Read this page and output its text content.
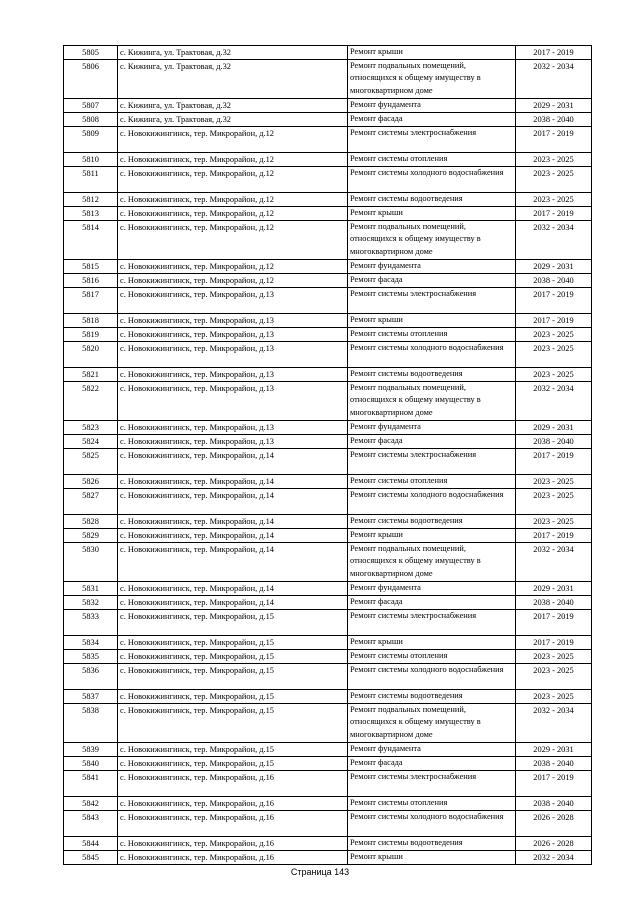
5805	с. Кижинга, ул. Трактовая, д.32	Ремонт крыши	2017 - 2019
5806	с. Кижинга, ул. Трактовая, д.32	Ремонт подвальных помещений, относящихся к общему имуществу в многоквартирном доме	2032 - 2034
5807	с. Кижинга, ул. Трактовая, д.32	Ремонт фундамента	2029 - 2031
5808	с. Кижинга, ул. Трактовая, д.32	Ремонт фасада	2038 - 2040
5809	с. Новокижингинск, тер. Микрорайон, д.12	Ремонт системы электроснабжения	2017 - 2019
5810	с. Новокижингинск, тер. Микрорайон, д.12	Ремонт системы отопления	2023 - 2025
5811	с. Новокижингинск, тер. Микрорайон, д.12	Ремонт системы холодного водоснабжения	2023 - 2025
5812	с. Новокижингинск, тер. Микрорайон, д.12	Ремонт системы водоотведения	2023 - 2025
5813	с. Новокижингинск, тер. Микрорайон, д.12	Ремонт крыши	2017 - 2019
5814	с. Новокижингинск, тер. Микрорайон, д.12	Ремонт подвальных помещений, относящихся к общему имуществу в многоквартирном доме	2032 - 2034
5815	с. Новокижингинск, тер. Микрорайон, д.12	Ремонт фундамента	2029 - 2031
5816	с. Новокижингинск, тер. Микрорайон, д.12	Ремонт фасада	2038 - 2040
5817	с. Новокижингинск, тер. Микрорайон, д.13	Ремонт системы электроснабжения	2017 - 2019
5818	с. Новокижингинск, тер. Микрорайон, д.13	Ремонт крыши	2017 - 2019
5819	с. Новокижингинск, тер. Микрорайон, д.13	Ремонт системы отопления	2023 - 2025
5820	с. Новокижингинск, тер. Микрорайон, д.13	Ремонт системы холодного водоснабжения	2023 - 2025
5821	с. Новокижингинск, тер. Микрорайон, д.13	Ремонт системы водоотведения	2023 - 2025
5822	с. Новокижингинск, тер. Микрорайон, д.13	Ремонт подвальных помещений, относящихся к общему имуществу в многоквартирном доме	2032 - 2034
5823	с. Новокижингинск, тер. Микрорайон, д.13	Ремонт фундамента	2029 - 2031
5824	с. Новокижингинск, тер. Микрорайон, д.13	Ремонт фасада	2038 - 2040
5825	с. Новокижингинск, тер. Микрорайон, д.14	Ремонт системы электроснабжения	2017 - 2019
5826	с. Новокижингинск, тер. Микрорайон, д.14	Ремонт системы отопления	2023 - 2025
5827	с. Новокижингинск, тер. Микрорайон, д.14	Ремонт системы холодного водоснабжения	2023 - 2025
5828	с. Новокижингинск, тер. Микрорайон, д.14	Ремонт системы водоотведения	2023 - 2025
5829	с. Новокижингинск, тер. Микрорайон, д.14	Ремонт крыши	2017 - 2019
5830	с. Новокижингинск, тер. Микрорайон, д.14	Ремонт подвальных помещений, относящихся к общему имуществу в многоквартирном доме	2032 - 2034
5831	с. Новокижингинск, тер. Микрорайон, д.14	Ремонт фундамента	2029 - 2031
5832	с. Новокижингинск, тер. Микрорайон, д.14	Ремонт фасада	2038 - 2040
5833	с. Новокижингинск, тер. Микрорайон, д.15	Ремонт системы электроснабжения	2017 - 2019
5834	с. Новокижингинск, тер. Микрорайон, д.15	Ремонт крыши	2017 - 2019
5835	с. Новокижингинск, тер. Микрорайон, д.15	Ремонт системы отопления	2023 - 2025
5836	с. Новокижингинск, тер. Микрорайон, д.15	Ремонт системы холодного водоснабжения	2023 - 2025
5837	с. Новокижингинск, тер. Микрорайон, д.15	Ремонт системы водоотведения	2023 - 2025
5838	с. Новокижингинск, тер. Микрорайон, д.15	Ремонт подвальных помещений, относящихся к общему имуществу в многоквартирном доме	2032 - 2034
5839	с. Новокижингинск, тер. Микрорайон, д.15	Ремонт фундамента	2029 - 2031
5840	с. Новокижингинск, тер. Микрорайон, д.15	Ремонт фасада	2038 - 2040
5841	с. Новокижингинск, тер. Микрорайон, д.16	Ремонт системы электроснабжения	2017 - 2019
5842	с. Новокижингинск, тер. Микрорайон, д.16	Ремонт системы отопления	2038 - 2040
5843	с. Новокижингинск, тер. Микрорайон, д.16	Ремонт системы холодного водоснабжения	2026 - 2028
5844	с. Новокижингинск, тер. Микрорайон, д.16	Ремонт системы водоотведения	2026 - 2028
5845	с. Новокижингинск, тер. Микрорайон, д.16	Ремонт крыши	2032 - 2034
Страница 143
